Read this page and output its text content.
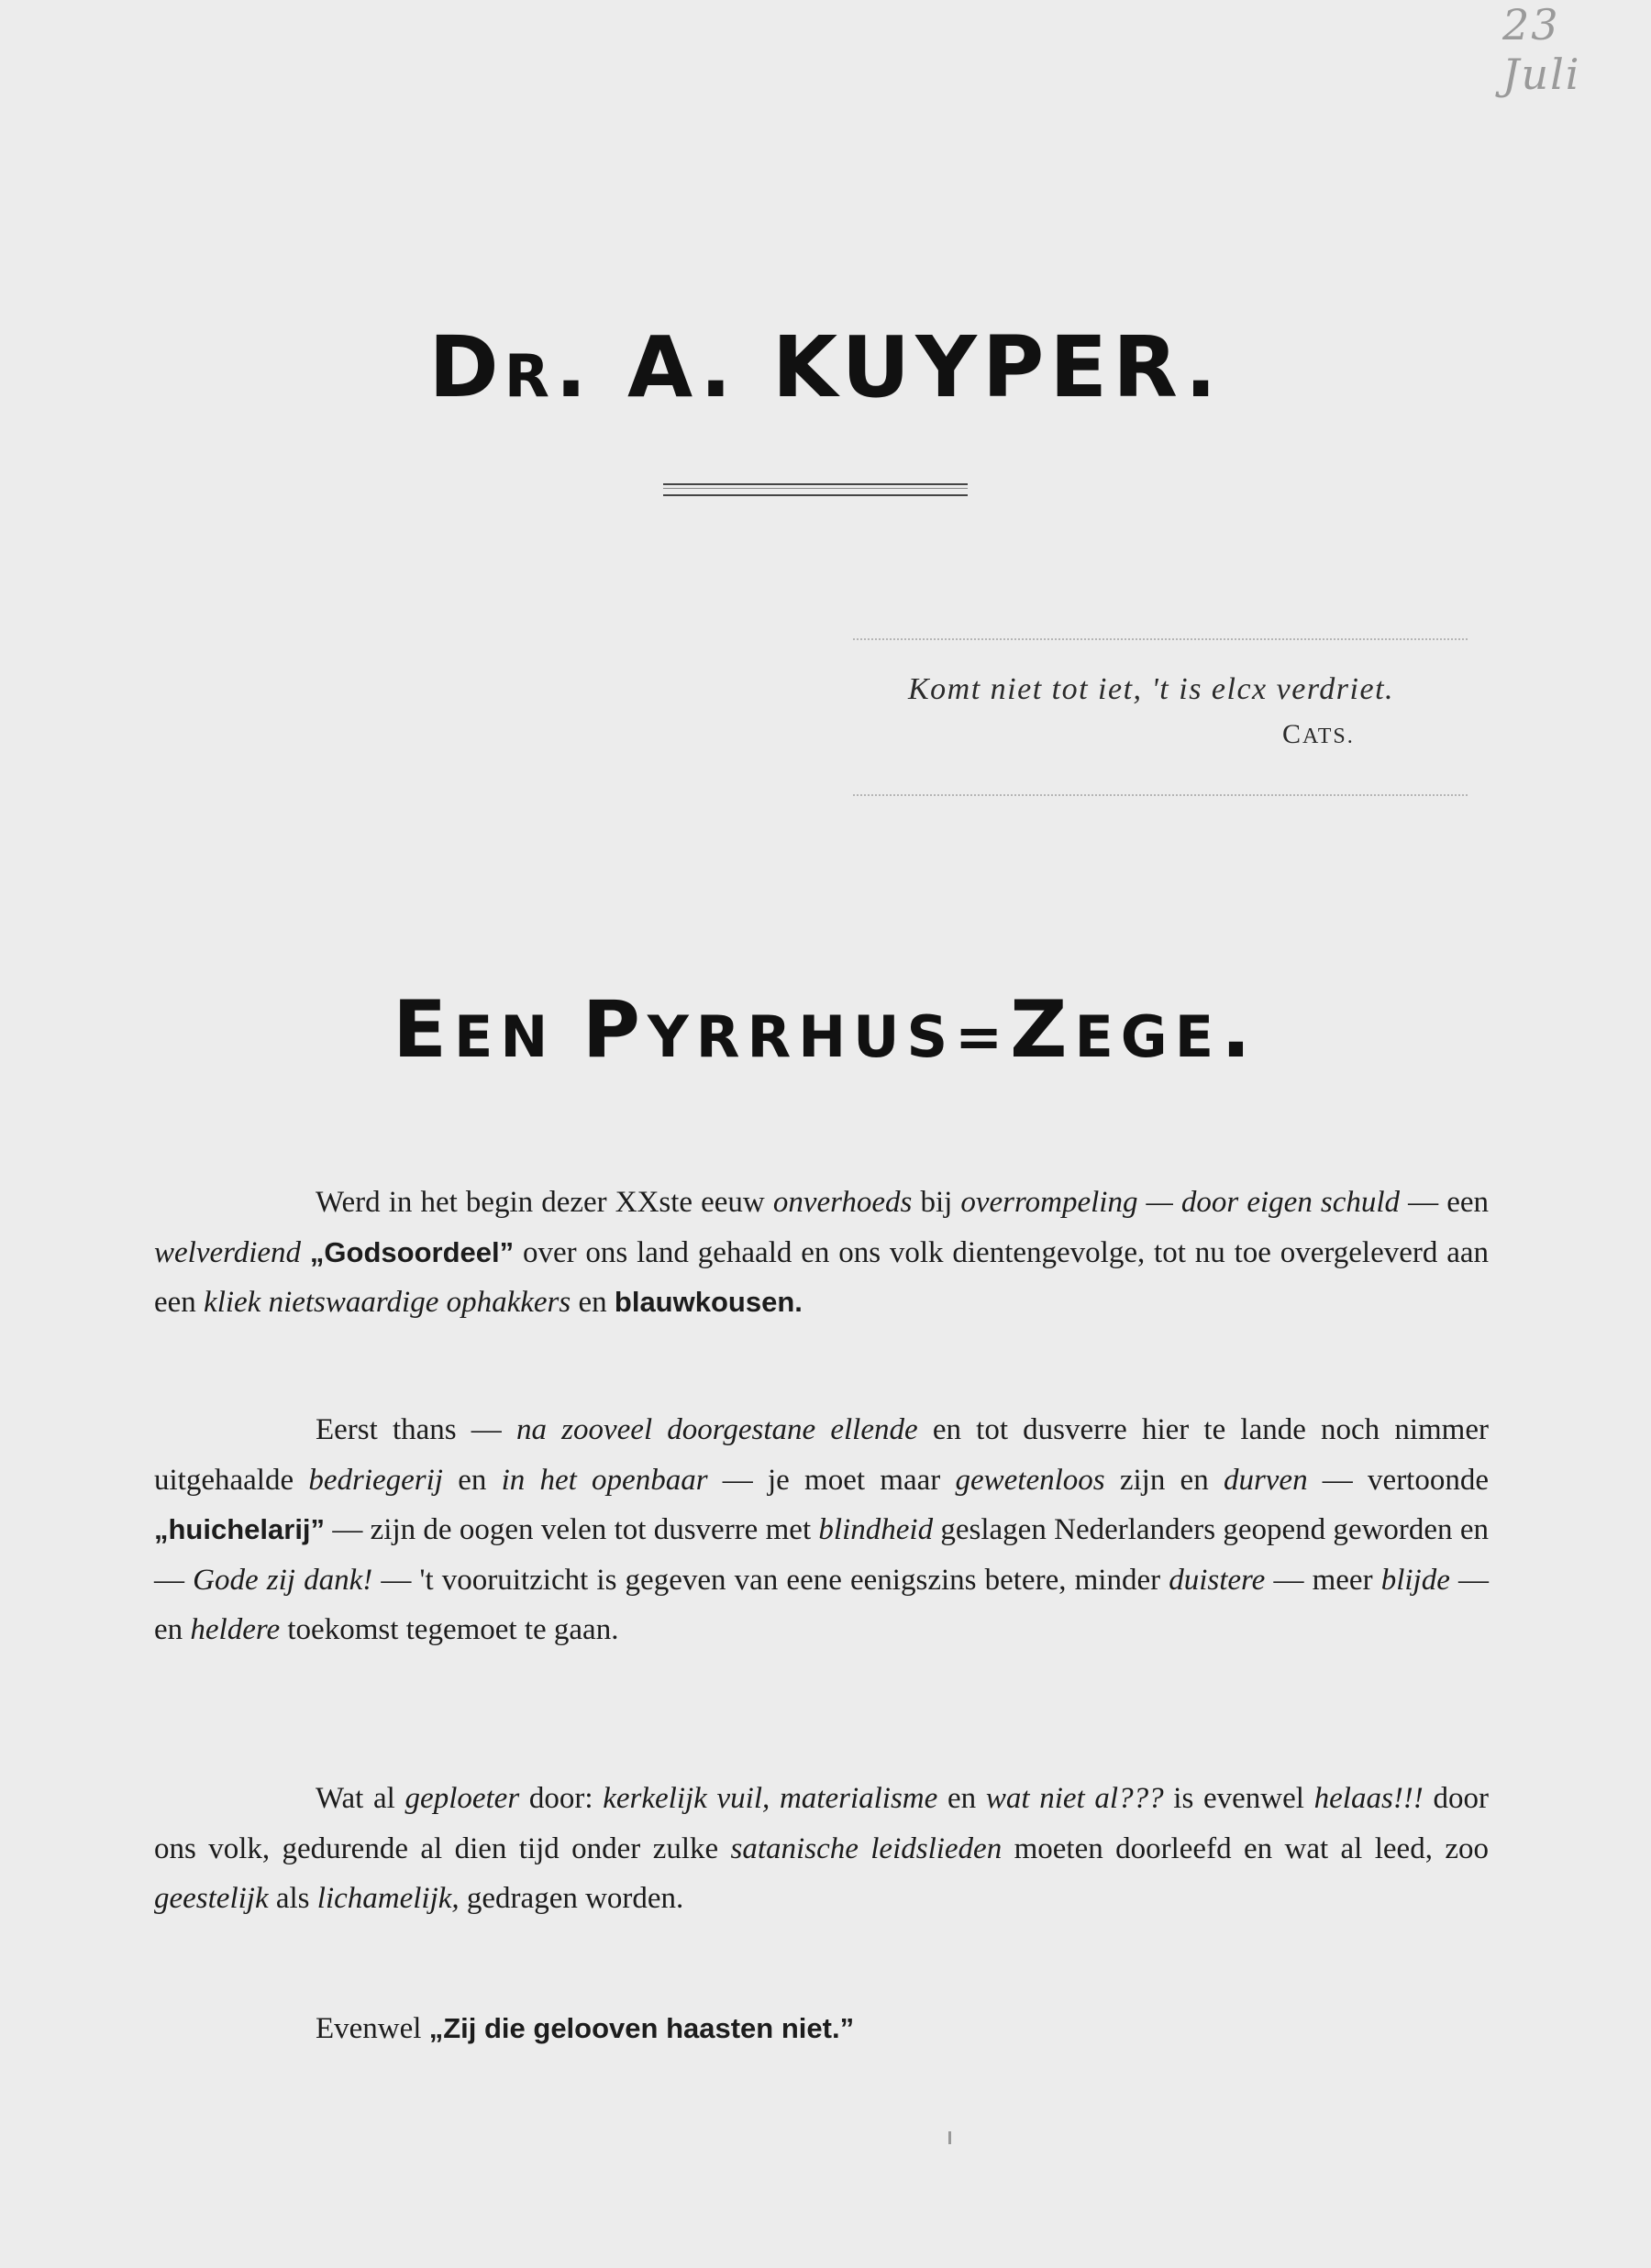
23 Juli
DR. A. KUYPER.
Komt niet tot iet, 't is elcx verdriet.
CATS.
EEN PYRRHUS=ZEGE.

Werd in het begin dezer XXste eeuw onverhoeds bij overrompeling — door eigen schuld — een welverdiend „Godsoordeel” over ons land gehaald en ons volk dientengevolge, tot nu toe overgeleverd aan een kliek nietswaardige ophakkers en blauwkousen.

Eerst thans — na zooveel doorgestane ellende en tot dusverre hier te lande noch nimmer uitgehaalde bedriegerij en in het openbaar — je moet maar gewetenloos zijn en durven — vertoonde „huichelarij” — zijn de oogen velen tot dusverre met blindheid geslagen Nederlanders geopend geworden en — Gode zij dank! — 't vooruitzicht is gegeven van eene eenigszins betere, minder duistere — meer blijde — en heldere toekomst tegemoet te gaan.

Wat al geploeter door: kerkelijk vuil, materialisme en wat niet al??? is evenwel helaas!!! door ons volk, gedurende al dien tijd onder zulke satanische leidslieden moeten doorleefd en wat al leed, zoo geestelijk als lichamelijk, gedragen worden.

Evenwel „Zij die gelooven haasten niet.”
